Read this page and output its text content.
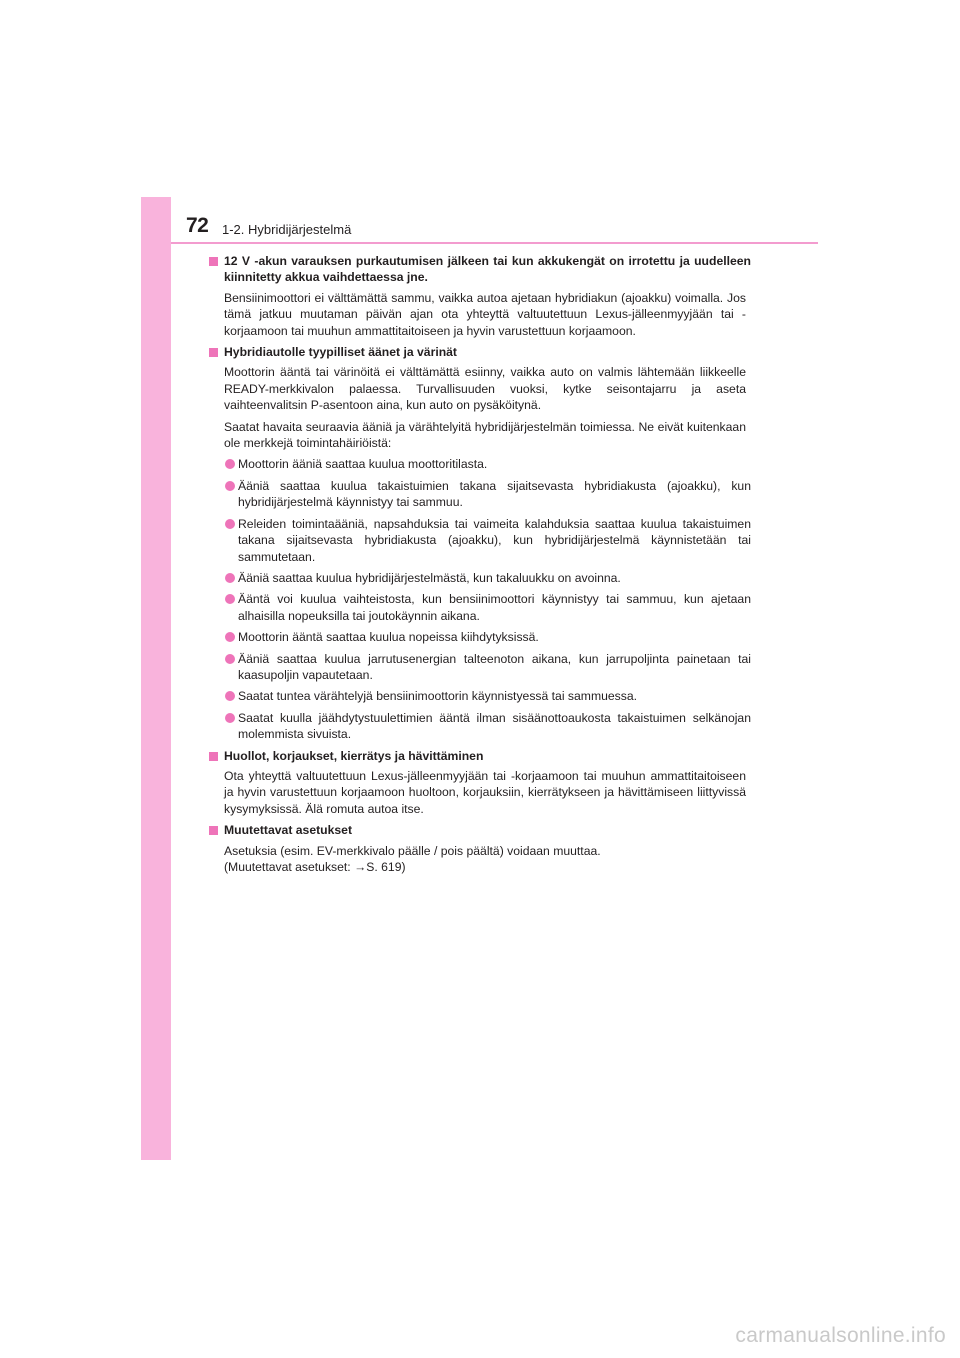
72 1-2. Hybridijärjestelmä
12 V -akun varauksen purkautumisen jälkeen tai kun akkukengät on irrotettu ja uudelleen kiinnitetty akkua vaihdettaessa jne.

Bensiinimoottori ei välttämättä sammu, vaikka autoa ajetaan hybridiakun (ajoakku) voimalla. Jos tämä jatkuu muutaman päivän ajan ota yhteyttä valtuutettuun Lexus-jälleenmyyjään tai -korjaamoon tai muuhun ammattitaitoiseen ja hyvin varustettuun korjaamoon.

Hybridiautolle tyypilliset äänet ja värinät

Moottorin ääntä tai värinöitä ei välttämättä esiinny, vaikka auto on valmis lähtemään liikkeelle READY-merkkivalon palaessa. Turvallisuuden vuoksi, kytke seisontajarru ja aseta vaihteenvalitsin P-asentoon aina, kun auto on pysäköitynä.

Saatat havaita seuraavia ääniä ja värähtelyitä hybridijärjestelmän toimiessa. Ne eivät kuitenkaan ole merkkejä toimintahäiriöistä:

Moottorin ääniä saattaa kuulua moottoritilasta.
Ääniä saattaa kuulua takaistuimien takana sijaitsevasta hybridiakusta (ajoakku), kun hybridijärjestelmä käynnistyy tai sammuu.
Releiden toimintaääniä, napsahduksia tai vaimeita kalahduksia saattaa kuulua takaistuimen takana sijaitsevasta hybridiakusta (ajoakku), kun hybridijärjestelmä käynnistetään tai sammutetaan.
Ääniä saattaa kuulua hybridijärjestelmästä, kun takaluukku on avoinna.
Ääntä voi kuulua vaihteistosta, kun bensiinimoottori käynnistyy tai sammuu, kun ajetaan alhaisilla nopeuksilla tai joutokäynnin aikana.
Moottorin ääntä saattaa kuulua nopeissa kiihdytyksissä.
Ääniä saattaa kuulua jarrutusenergian talteenoton aikana, kun jarrupoljinta painetaan tai kaasupoljin vapautetaan.
Saatat tuntea värähtelyjä bensiinimoottorin käynnistyessä tai sammuessa.
Saatat kuulla jäähdytystuulettimien ääntä ilman sisäänottoaukosta takaistuimen selkänojan molemmista sivuista.
Huollot, korjaukset, kierrätys ja hävittäminen

Ota yhteyttä valtuutettuun Lexus-jälleenmyyjään tai -korjaamoon tai muuhun ammattitaitoiseen ja hyvin varustettuun korjaamoon huoltoon, korjauksiin, kierrätykseen ja hävittämiseen liittyvissä kysymyksissä. Älä romuta autoa itse.

Muutettavat asetukset

Asetuksia (esim. EV-merkkivalo päälle / pois päältä) voidaan muuttaa.

(Muutettavat asetukset: →S. 619)

carmanualsonline.info
